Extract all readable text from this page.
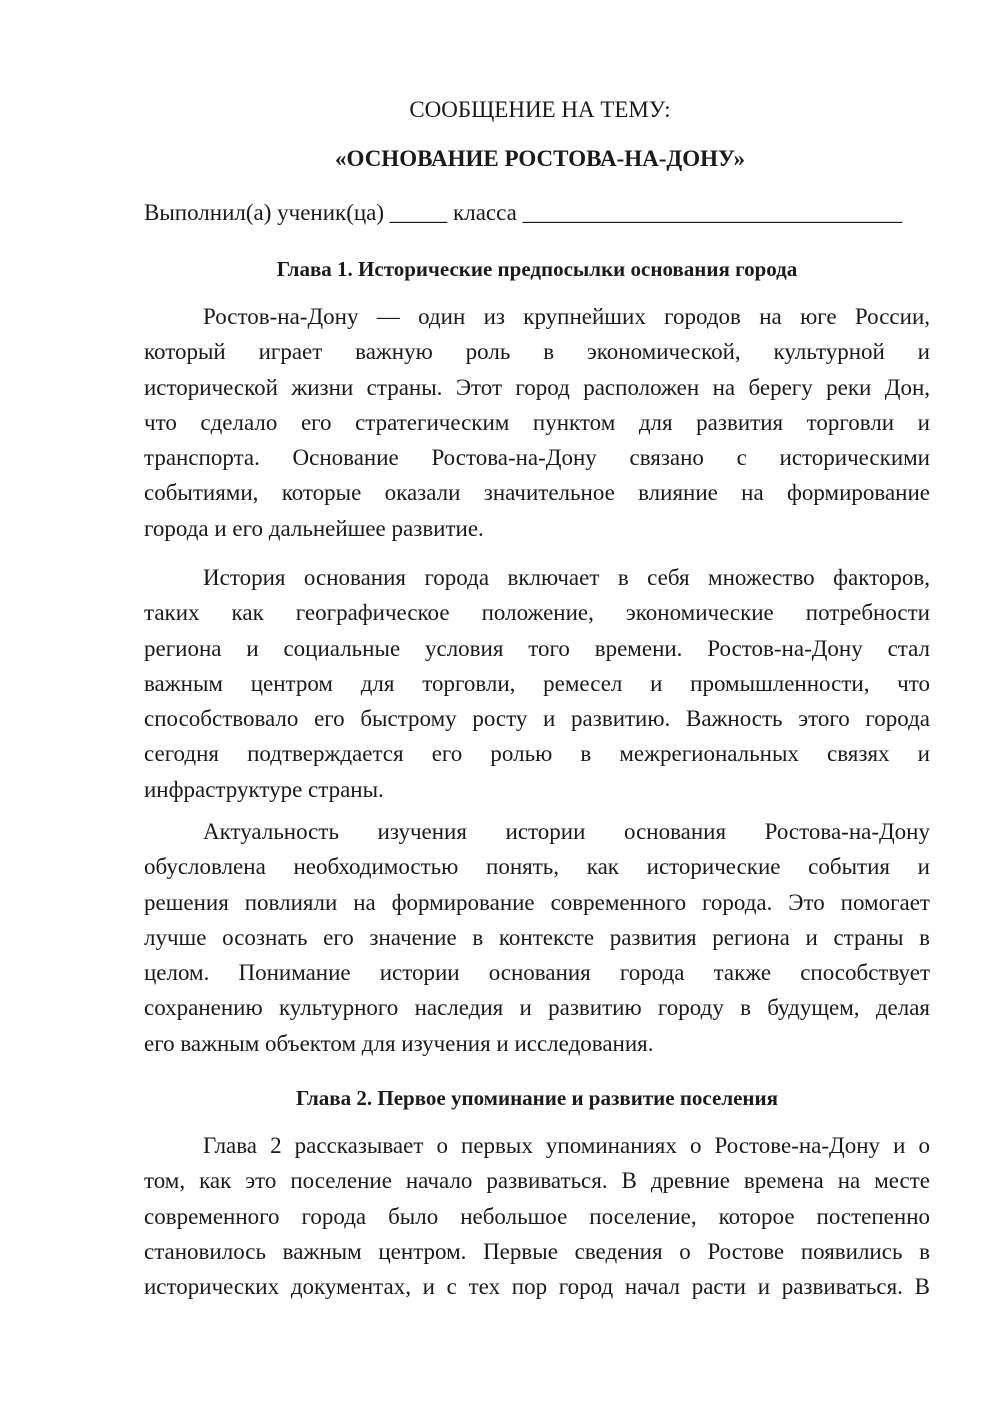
СООБЩЕНИЕ НА ТЕМУ:
«ОСНОВАНИЕ РОСТОВА-НА-ДОНУ»
Выполнил(а) ученик(ца) _____ класса _________________________________
Глава 1. Исторические предпосылки основания города
Ростов-на-Дону — один из крупнейших городов на юге России,
который играет важную роль в экономической, культурной и
исторической жизни страны. Этот город расположен на берегу реки Дон,
что сделало его стратегическим пунктом для развития торговли и
транспорта. Основание Ростова-на-Дону связано с историческими
событиями, которые оказали значительное влияние на формирование
города и его дальнейшее развитие.
История основания города включает в себя множество факторов,
таких как географическое положение, экономические потребности
региона и социальные условия того времени. Ростов-на-Дону стал
важным центром для торговли, ремесел и промышленности, что
способствовало его быстрому росту и развитию. Важность этого города
сегодня подтверждается его ролью в межрегиональных связях и
инфраструктуре страны.
Актуальность изучения истории основания Ростова-на-Дону
обусловлена необходимостью понять, как исторические события и
решения повлияли на формирование современного города. Это помогает
лучше осознать его значение в контексте развития региона и страны в
целом. Понимание истории основания города также способствует
сохранению культурного наследия и развитию городу в будущем, делая
его важным объектом для изучения и исследования.
Глава 2. Первое упоминание и развитие поселения
Глава 2 рассказывает о первых упоминаниях о Ростове-на-Дону и о
том, как это поселение начало развиваться. В древние времена на месте
современного города было небольшое поселение, которое постепенно
становилось важным центром. Первые сведения о Ростове появились в
исторических документах, и с тех пор город начал расти и развиваться. В
